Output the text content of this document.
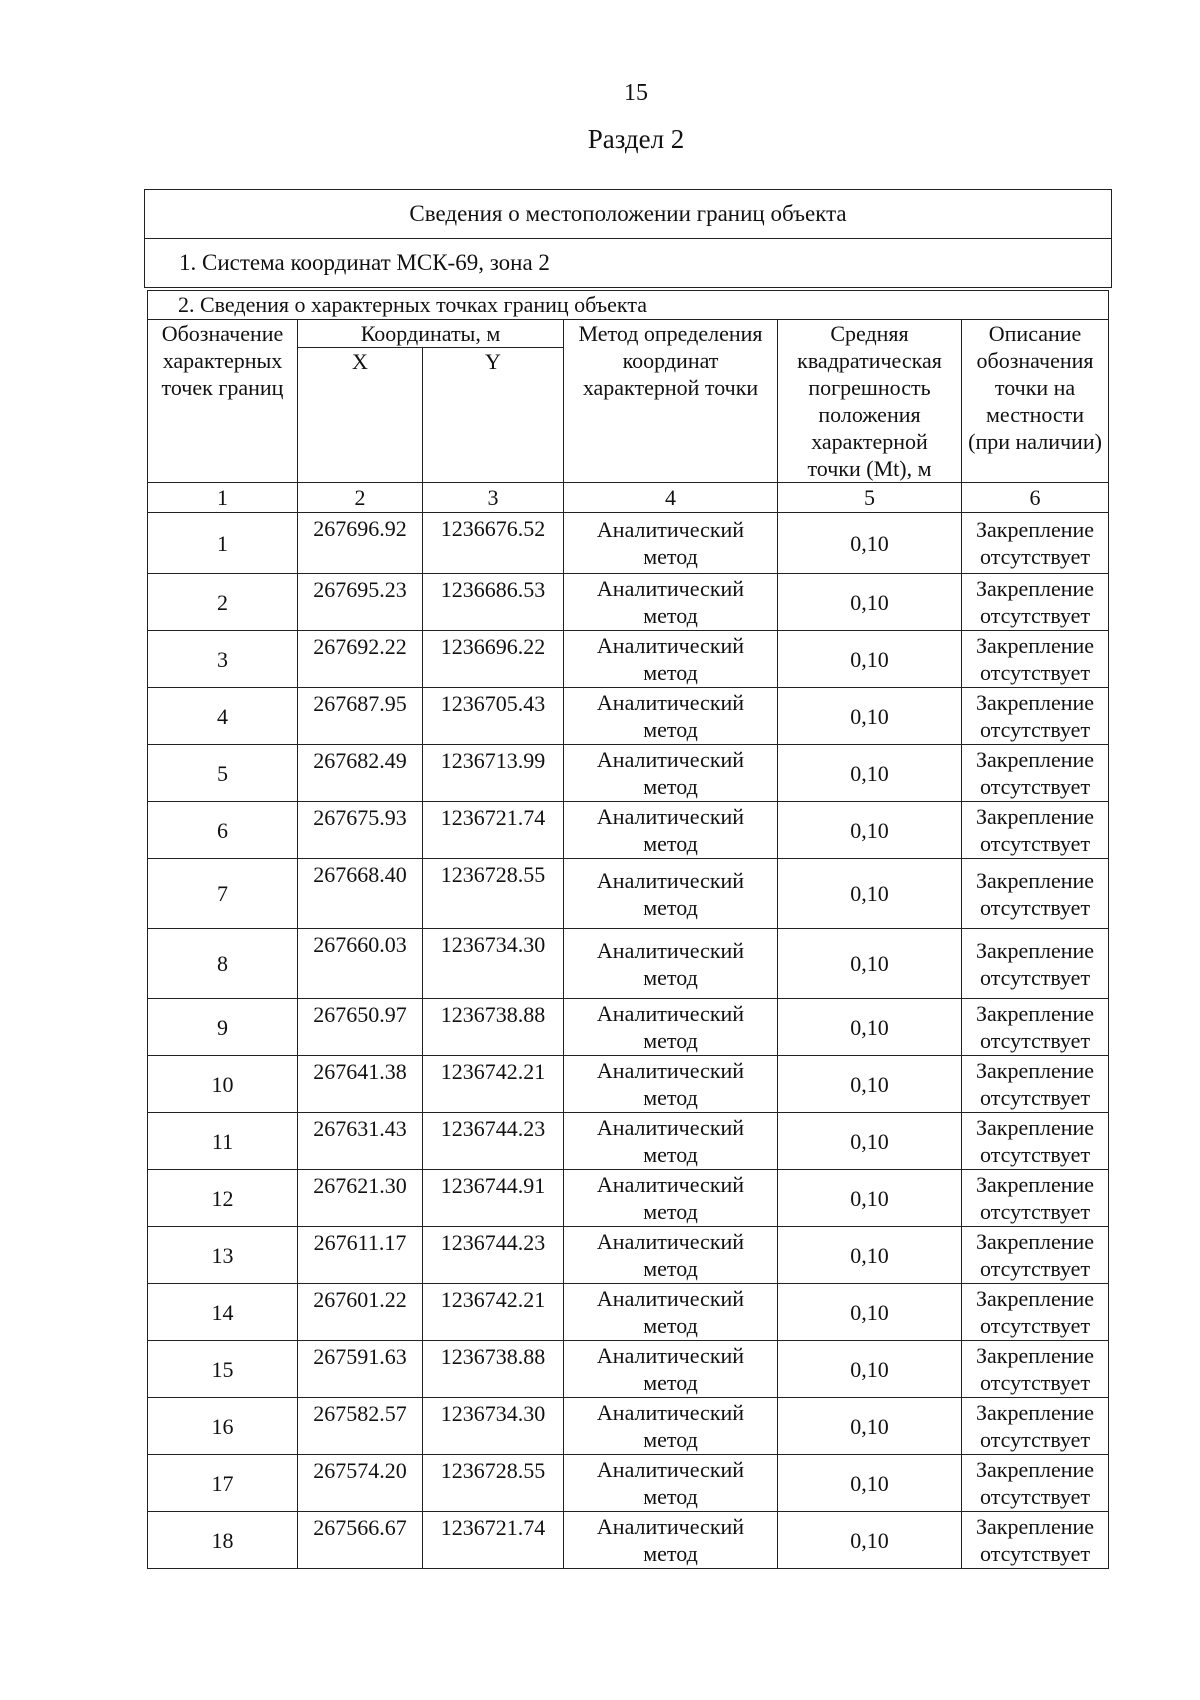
15
Раздел 2
Сведения о местоположении границ объекта
1. Система координат МСК-69, зона 2
2. Сведения о характерных точках границ объекта					
Обозначение характерных точек границ	Координаты, м		Метод определения координат характерной точки	Средняя квадратическая погрешность положения характерной точки (Mt), м	Описание обозначения точки на местности (при наличии)
	X	Y			
1	2	3	4	5	6
1	267696.92	1236676.52	Аналитический метод	0,10	Закрепление отсутствует
2	267695.23	1236686.53	Аналитический метод	0,10	Закрепление отсутствует
3	267692.22	1236696.22	Аналитический метод	0,10	Закрепление отсутствует
4	267687.95	1236705.43	Аналитический метод	0,10	Закрепление отсутствует
5	267682.49	1236713.99	Аналитический метод	0,10	Закрепление отсутствует
6	267675.93	1236721.74	Аналитический метод	0,10	Закрепление отсутствует
7	267668.40	1236728.55	Аналитический метод	0,10	Закрепление отсутствует
8	267660.03	1236734.30	Аналитический метод	0,10	Закрепление отсутствует
9	267650.97	1236738.88	Аналитический метод	0,10	Закрепление отсутствует
10	267641.38	1236742.21	Аналитический метод	0,10	Закрепление отсутствует
11	267631.43	1236744.23	Аналитический метод	0,10	Закрепление отсутствует
12	267621.30	1236744.91	Аналитический метод	0,10	Закрепление отсутствует
13	267611.17	1236744.23	Аналитический метод	0,10	Закрепление отсутствует
14	267601.22	1236742.21	Аналитический метод	0,10	Закрепление отсутствует
15	267591.63	1236738.88	Аналитический метод	0,10	Закрепление отсутствует
16	267582.57	1236734.30	Аналитический метод	0,10	Закрепление отсутствует
17	267574.20	1236728.55	Аналитический метод	0,10	Закрепление отсутствует
18	267566.67	1236721.74	Аналитический метод	0,10	Закрепление отсутствует
